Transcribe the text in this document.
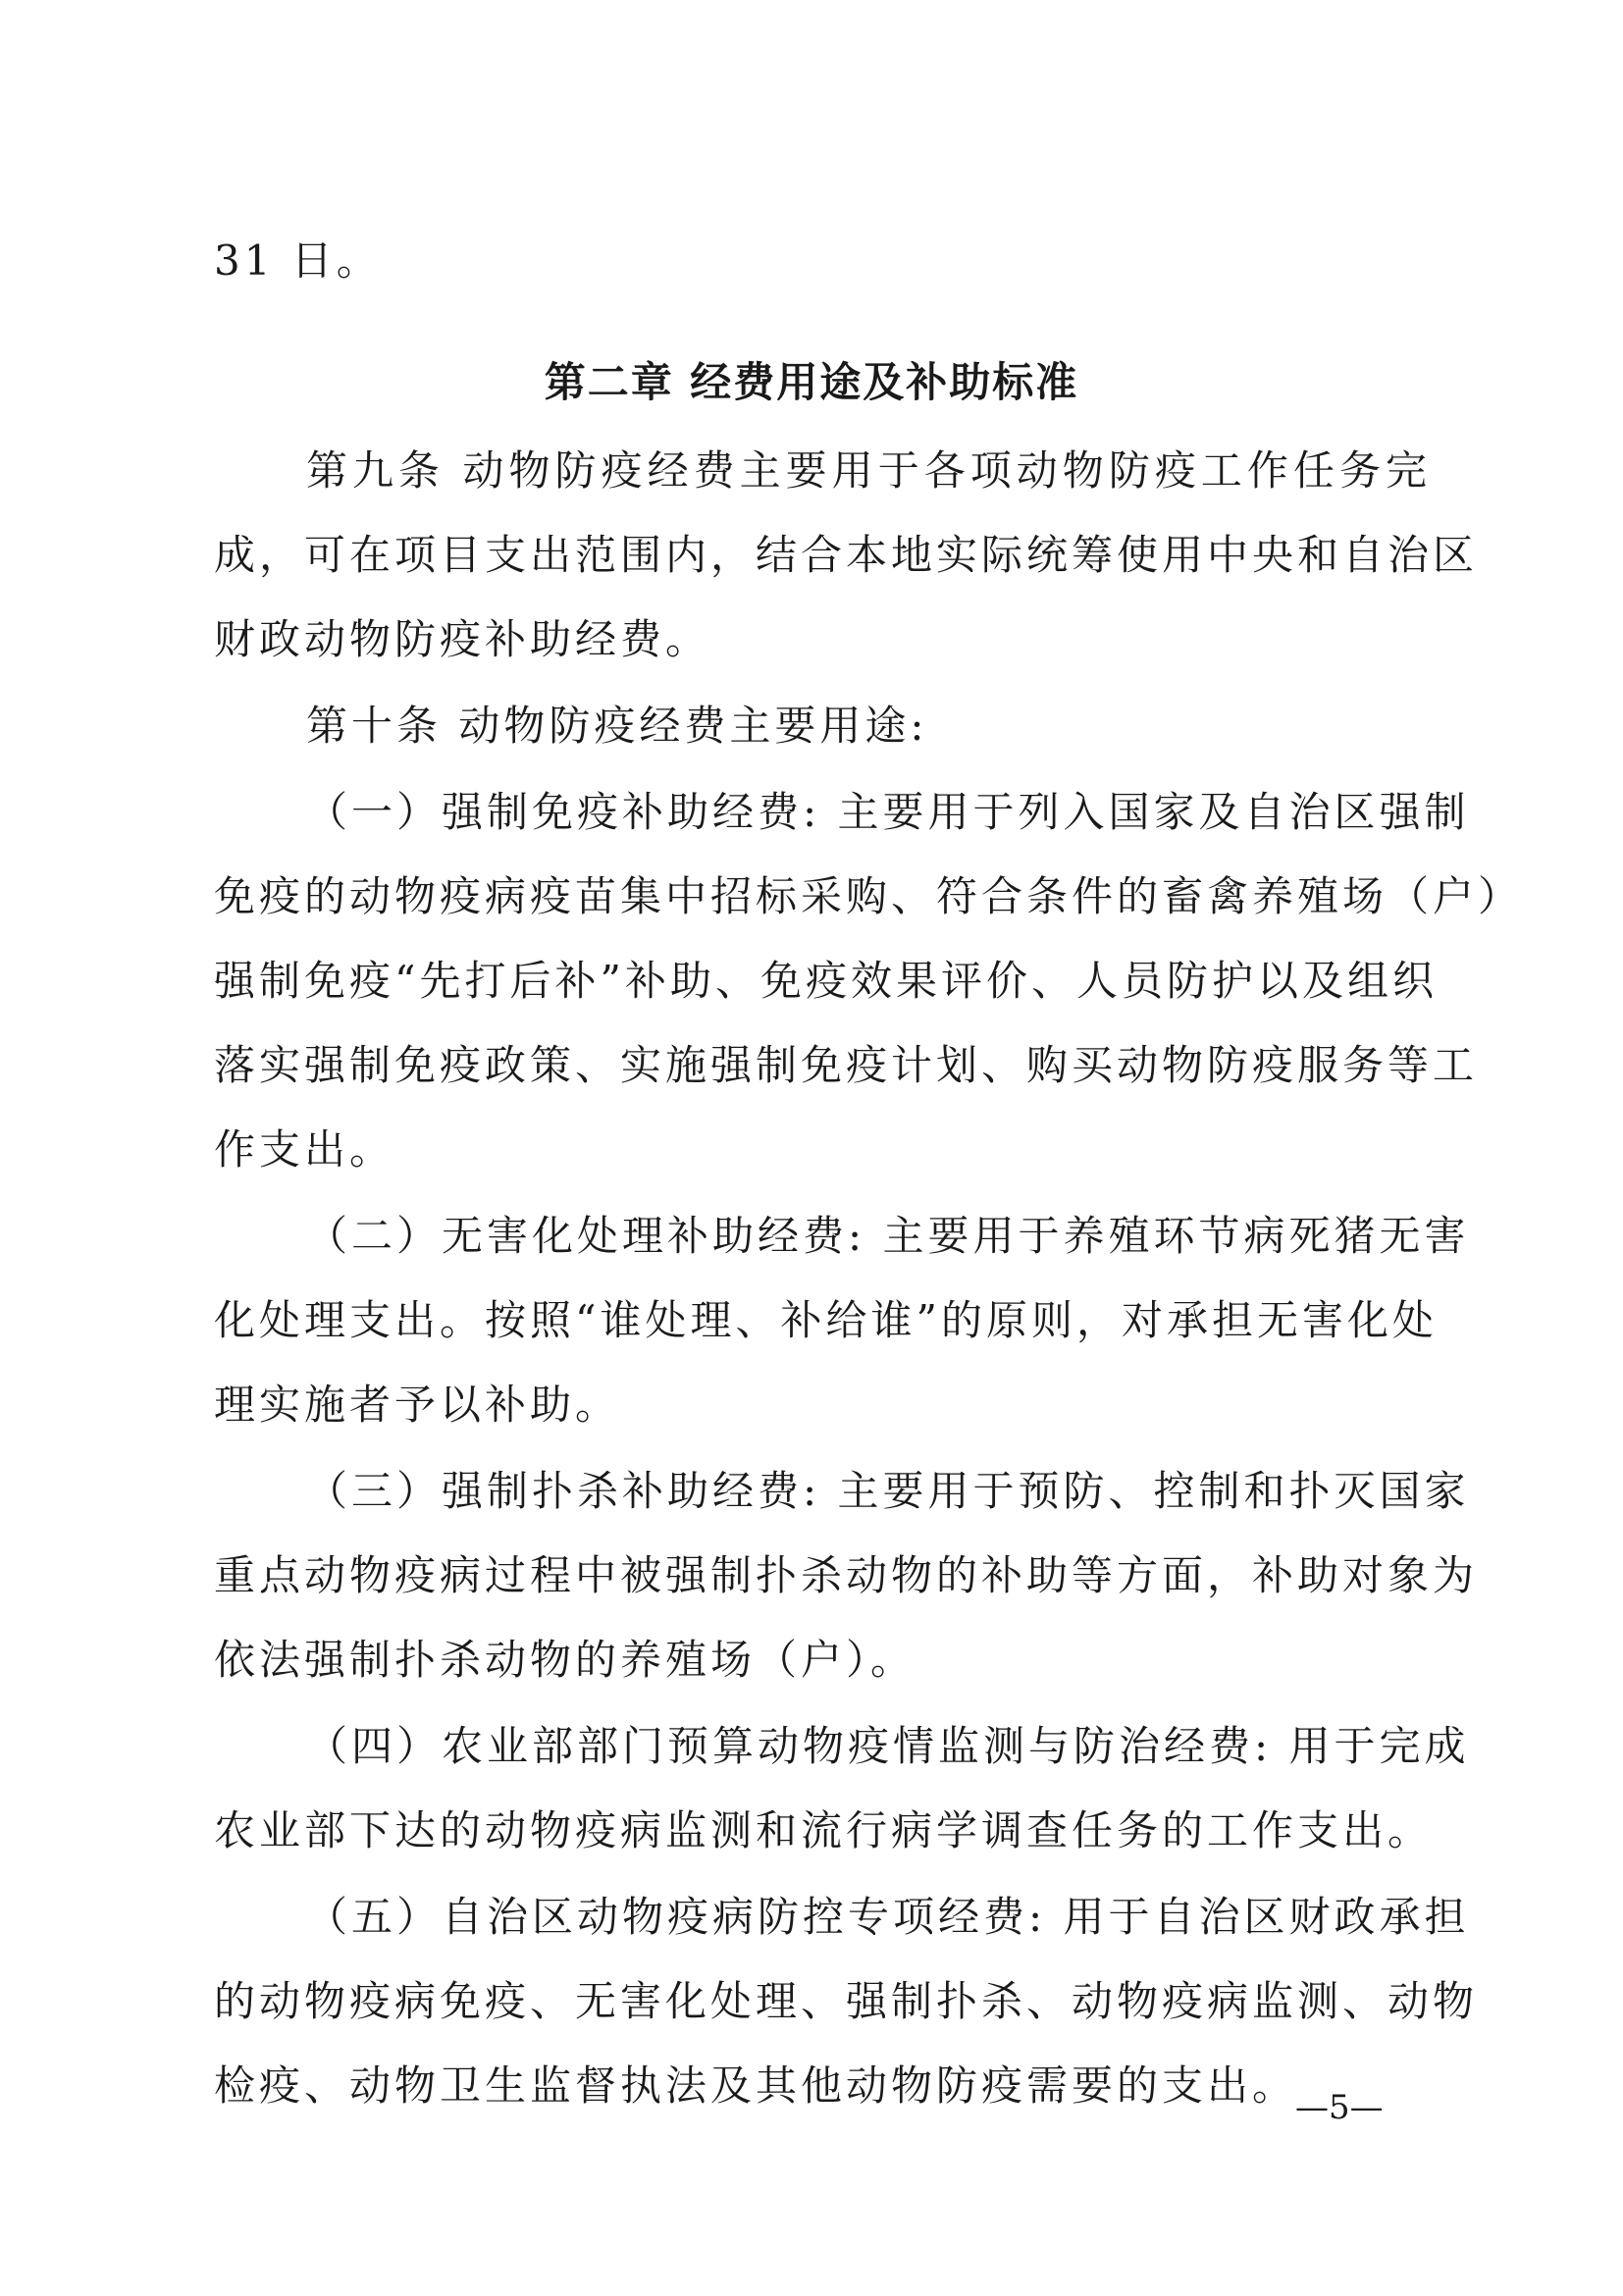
31 日。
第二章 经费用途及补助标准
第九条 动物防疫经费主要用于各项动物防疫工作任务完
成，可在项目支出范围内，结合本地实际统筹使用中央和自治区
财政动物防疫补助经费。
第十条 动物防疫经费主要用途:
（一）强制免疫补助经费: 主要用于列入国家及自治区强制
免疫的动物疫病疫苗集中招标采购、符合条件的畜禽养殖场（户）
强制免疫“先打后补”补助、免疫效果评价、人员防护以及组织
落实强制免疫政策、实施强制免疫计划、购买动物防疫服务等工
作支出。
（二）无害化处理补助经费: 主要用于养殖环节病死猪无害
化处理支出。按照“谁处理、补给谁”的原则，对承担无害化处
理实施者予以补助。
（三）强制扑杀补助经费: 主要用于预防、控制和扑灭国家
重点动物疫病过程中被强制扑杀动物的补助等方面，补助对象为
依法强制扑杀动物的养殖场（户）。
（四）农业部部门预算动物疫情监测与防治经费: 用于完成
农业部下达的动物疫病监测和流行病学调查任务的工作支出。
（五）自治区动物疫病防控专项经费: 用于自治区财政承担
的动物疫病免疫、无害化处理、强制扑杀、动物疫病监测、动物
检疫、动物卫生监督执法及其他动物防疫需要的支出。
—5—
